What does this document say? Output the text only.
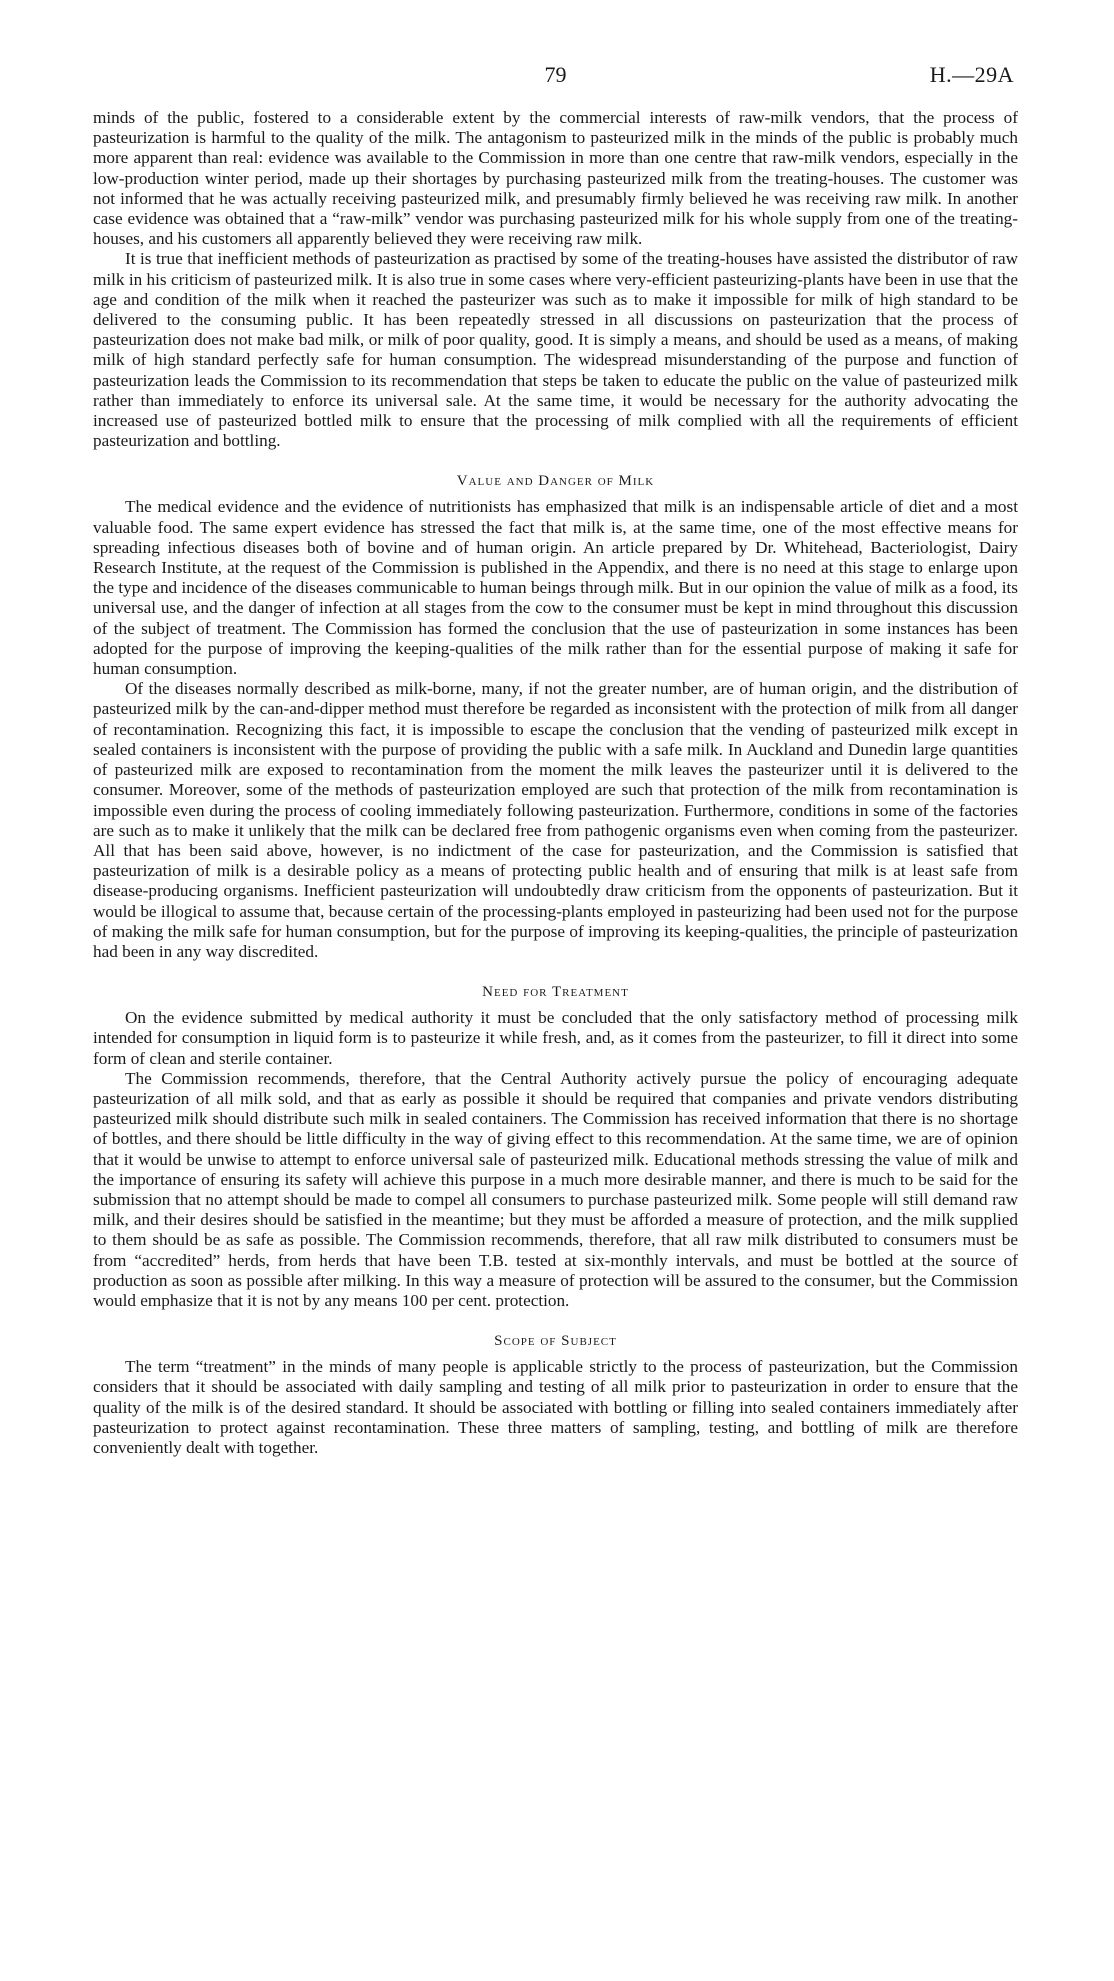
79	H.—29A

minds of the public, fostered to a considerable extent by the commercial interests of raw-milk vendors, that the process of pasteurization is harmful to the quality of the milk. The antagonism to pasteurized milk in the minds of the public is probably much more apparent than real: evidence was available to the Commission in more than one centre that raw-milk vendors, especially in the low-production winter period, made up their shortages by purchasing pasteurized milk from the treating-houses. The customer was not informed that he was actually receiving pasteurized milk, and presumably firmly believed he was receiving raw milk. In another case evidence was obtained that a “raw-milk” vendor was purchasing pasteurized milk for his whole supply from one of the treating-houses, and his customers all apparently believed they were receiving raw milk.

It is true that inefficient methods of pasteurization as practised by some of the treating-houses have assisted the distributor of raw milk in his criticism of pasteurized milk. It is also true in some cases where very-efficient pasteurizing-plants have been in use that the age and condition of the milk when it reached the pasteurizer was such as to make it impossible for milk of high standard to be delivered to the consuming public. It has been repeatedly stressed in all discussions on pasteurization that the process of pasteurization does not make bad milk, or milk of poor quality, good. It is simply a means, and should be used as a means, of making milk of high standard perfectly safe for human consumption. The widespread misunderstanding of the purpose and function of pasteurization leads the Commission to its recommendation that steps be taken to educate the public on the value of pasteurized milk rather than immediately to enforce its universal sale. At the same time, it would be necessary for the authority advocating the increased use of pasteurized bottled milk to ensure that the processing of milk complied with all the requirements of efficient pasteurization and bottling.

Value and Danger of Milk

The medical evidence and the evidence of nutritionists has emphasized that milk is an indispensable article of diet and a most valuable food. The same expert evidence has stressed the fact that milk is, at the same time, one of the most effective means for spreading infectious diseases both of bovine and of human origin. An article prepared by Dr. Whitehead, Bacteriologist, Dairy Research Institute, at the request of the Commission is published in the Appendix, and there is no need at this stage to enlarge upon the type and incidence of the diseases communicable to human beings through milk. But in our opinion the value of milk as a food, its universal use, and the danger of infection at all stages from the cow to the consumer must be kept in mind throughout this discussion of the subject of treatment. The Commission has formed the conclusion that the use of pasteurization in some instances has been adopted for the purpose of improving the keeping-qualities of the milk rather than for the essential purpose of making it safe for human consumption.

Of the diseases normally described as milk-borne, many, if not the greater number, are of human origin, and the distribution of pasteurized milk by the can-and-dipper method must therefore be regarded as inconsistent with the protection of milk from all danger of recontamination. Recognizing this fact, it is impossible to escape the conclusion that the vending of pasteurized milk except in sealed containers is inconsistent with the purpose of providing the public with a safe milk. In Auckland and Dunedin large quantities of pasteurized milk are exposed to recontamination from the moment the milk leaves the pasteurizer until it is delivered to the consumer. Moreover, some of the methods of pasteurization employed are such that protection of the milk from recontamination is impossible even during the process of cooling immediately following pasteurization. Furthermore, conditions in some of the factories are such as to make it unlikely that the milk can be declared free from pathogenic organisms even when coming from the pasteurizer. All that has been said above, however, is no indictment of the case for pasteurization, and the Commission is satisfied that pasteurization of milk is a desirable policy as a means of protecting public health and of ensuring that milk is at least safe from disease-producing organisms. Inefficient pasteurization will undoubtedly draw criticism from the opponents of pasteurization. But it would be illogical to assume that, because certain of the processing-plants employed in pasteurizing had been used not for the purpose of making the milk safe for human consumption, but for the purpose of improving its keeping-qualities, the principle of pasteurization had been in any way discredited.

Need for Treatment

On the evidence submitted by medical authority it must be concluded that the only satisfactory method of processing milk intended for consumption in liquid form is to pasteurize it while fresh, and, as it comes from the pasteurizer, to fill it direct into some form of clean and sterile container.

The Commission recommends, therefore, that the Central Authority actively pursue the policy of encouraging adequate pasteurization of all milk sold, and that as early as possible it should be required that companies and private vendors distributing pasteurized milk should distribute such milk in sealed containers. The Commission has received information that there is no shortage of bottles, and there should be little difficulty in the way of giving effect to this recommendation. At the same time, we are of opinion that it would be unwise to attempt to enforce universal sale of pasteurized milk. Educational methods stressing the value of milk and the importance of ensuring its safety will achieve this purpose in a much more desirable manner, and there is much to be said for the submission that no attempt should be made to compel all consumers to purchase pasteurized milk. Some people will still demand raw milk, and their desires should be satisfied in the meantime; but they must be afforded a measure of protection, and the milk supplied to them should be as safe as possible. The Commission recommends, therefore, that all raw milk distributed to consumers must be from “accredited” herds, from herds that have been T.B. tested at six-monthly intervals, and must be bottled at the source of production as soon as possible after milking. In this way a measure of protection will be assured to the consumer, but the Commission would emphasize that it is not by any means 100 per cent. protection.

Scope of Subject

The term “treatment” in the minds of many people is applicable strictly to the process of pasteurization, but the Commission considers that it should be associated with daily sampling and testing of all milk prior to pasteurization in order to ensure that the quality of the milk is of the desired standard. It should be associated with bottling or filling into sealed containers immediately after pasteurization to protect against recontamination. These three matters of sampling, testing, and bottling of milk are therefore conveniently dealt with together.
